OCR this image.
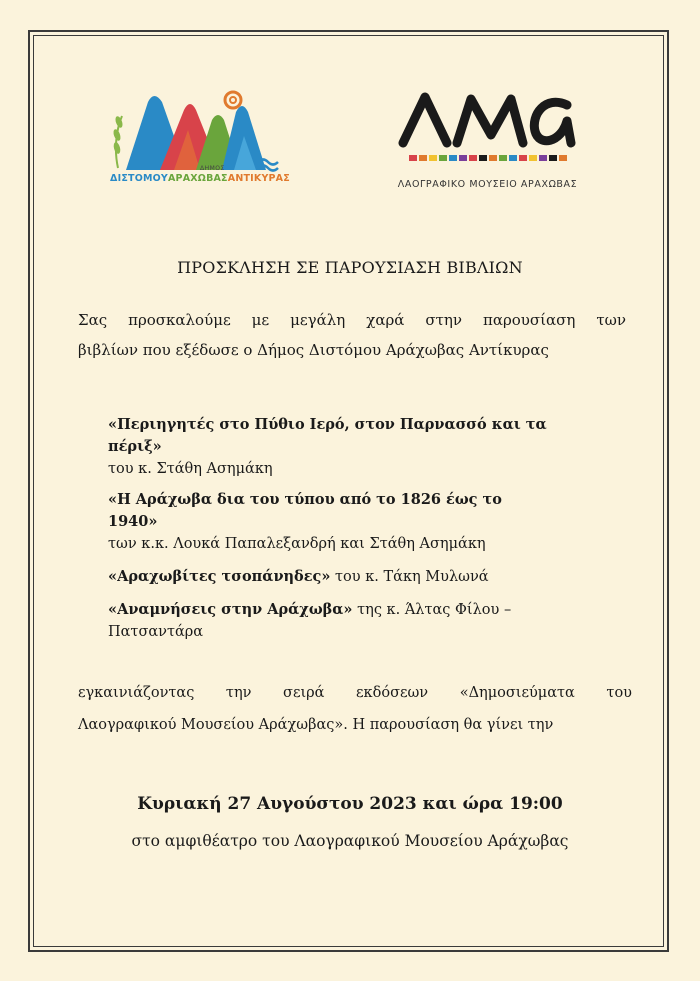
ΔΗΜΟΣ
ΔΙΣΤΟΜΟΥΑΡΑΧΩΒΑΣΑΝΤΙΚΥΡΑΣ
ΛΑΟΓΡΑΦΙΚΟ ΜΟΥΣΕΙΟ ΑΡΑΧΩΒΑΣ
ΠΡΟΣΚΛΗΣΗ ΣΕ ΠΑΡΟΥΣΙΑΣΗ ΒΙΒΛΙΩΝ
Σας προσκαλούμε με μεγάλη χαρά στην παρουσίαση των
βιβλίων που εξέδωσε ο Δήμος Διστόμου Αράχωβας Αντίκυρας
«Περιηγητές στο Πύθιο Ιερό, στον Παρνασσό και τα
πέριξ»
του κ. Στάθη Ασημάκη
«Η Αράχωβα δια του τύπου από το 1826 έως το
1940»
των κ.κ. Λουκά Παπαλεξανδρή και Στάθη Ασημάκη
«Αραχωβίτες τσοπάνηδες» του κ. Τάκη Μυλωνά
«Αναμνήσεις στην Αράχωβα» της κ. Άλτας Φίλου –
Πατσαντάρα
εγκαινιάζοντας την σειρά εκδόσεων «Δημοσιεύματα του
Λαογραφικού Μουσείου Αράχωβας». Η παρουσίαση θα γίνει την
Κυριακή 27 Αυγούστου 2023 και ώρα 19:00
στο αμφιθέατρο του Λαογραφικού Μουσείου Αράχωβας
